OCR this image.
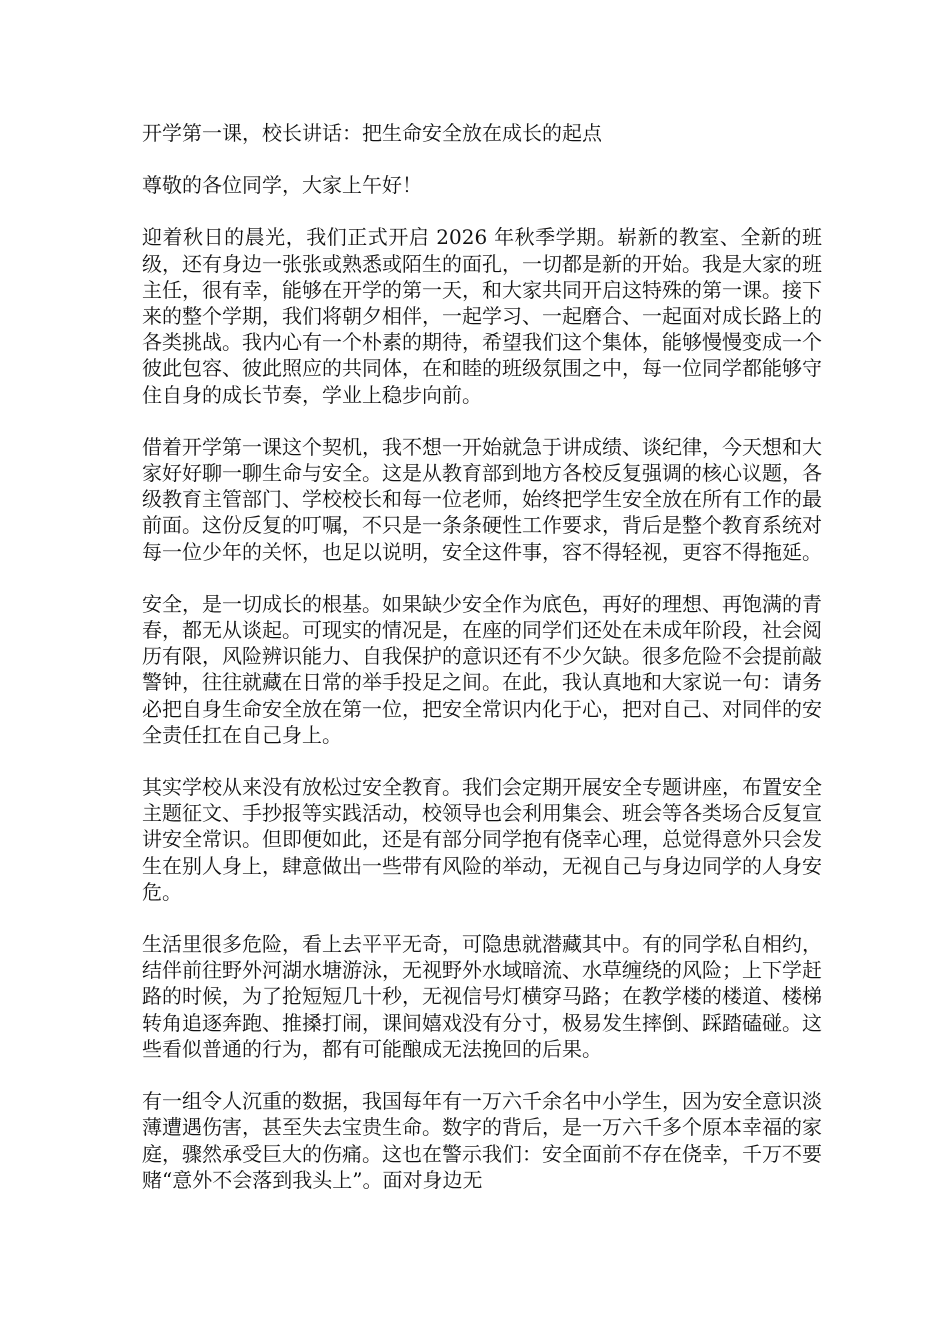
开学第一课，校长讲话：把生命安全放在成长的起点

尊敬的各位同学，大家上午好！

迎着秋日的晨光，我们正式开启 2026 年秋季学期。崭新的教室、全新的班级，还有身边一张张或熟悉或陌生的面孔，一切都是新的开始。我是大家的班主任，很有幸，能够在开学的第一天，和大家共同开启这特殊的第一课。接下来的整个学期，我们将朝夕相伴，一起学习、一起磨合、一起面对成长路上的各类挑战。我内心有一个朴素的期待，希望我们这个集体，能够慢慢变成一个彼此包容、彼此照应的共同体，在和睦的班级氛围之中，每一位同学都能够守住自身的成长节奏，学业上稳步向前。

借着开学第一课这个契机，我不想一开始就急于讲成绩、谈纪律，今天想和大家好好聊一聊生命与安全。这是从教育部到地方各校反复强调的核心议题，各级教育主管部门、学校校长和每一位老师，始终把学生安全放在所有工作的最前面。这份反复的叮嘱，不只是一条条硬性工作要求，背后是整个教育系统对每一位少年的关怀，也足以说明，安全这件事，容不得轻视，更容不得拖延。

安全，是一切成长的根基。如果缺少安全作为底色，再好的理想、再饱满的青春，都无从谈起。可现实的情况是，在座的同学们还处在未成年阶段，社会阅历有限，风险辨识能力、自我保护的意识还有不少欠缺。很多危险不会提前敲警钟，往往就藏在日常的举手投足之间。在此，我认真地和大家说一句：请务必把自身生命安全放在第一位，把安全常识内化于心，把对自己、对同伴的安全责任扛在自己身上。

其实学校从来没有放松过安全教育。我们会定期开展安全专题讲座，布置安全主题征文、手抄报等实践活动，校领导也会利用集会、班会等各类场合反复宣讲安全常识。但即便如此，还是有部分同学抱有侥幸心理，总觉得意外只会发生在别人身上，肆意做出一些带有风险的举动，无视自己与身边同学的人身安危。

生活里很多危险，看上去平平无奇，可隐患就潜藏其中。有的同学私自相约，结伴前往野外河湖水塘游泳，无视野外水域暗流、水草缠绕的风险；上下学赶路的时候，为了抢短短几十秒，无视信号灯横穿马路；在教学楼的楼道、楼梯转角追逐奔跑、推搡打闹，课间嬉戏没有分寸，极易发生摔倒、踩踏磕碰。这些看似普通的行为，都有可能酿成无法挽回的后果。

有一组令人沉重的数据，我国每年有一万六千余名中小学生，因为安全意识淡薄遭遇伤害，甚至失去宝贵生命。数字的背后，是一万六千多个原本幸福的家庭，骤然承受巨大的伤痛。这也在警示我们：安全面前不存在侥幸，千万不要赌“意外不会落到我头上”。面对身边无
